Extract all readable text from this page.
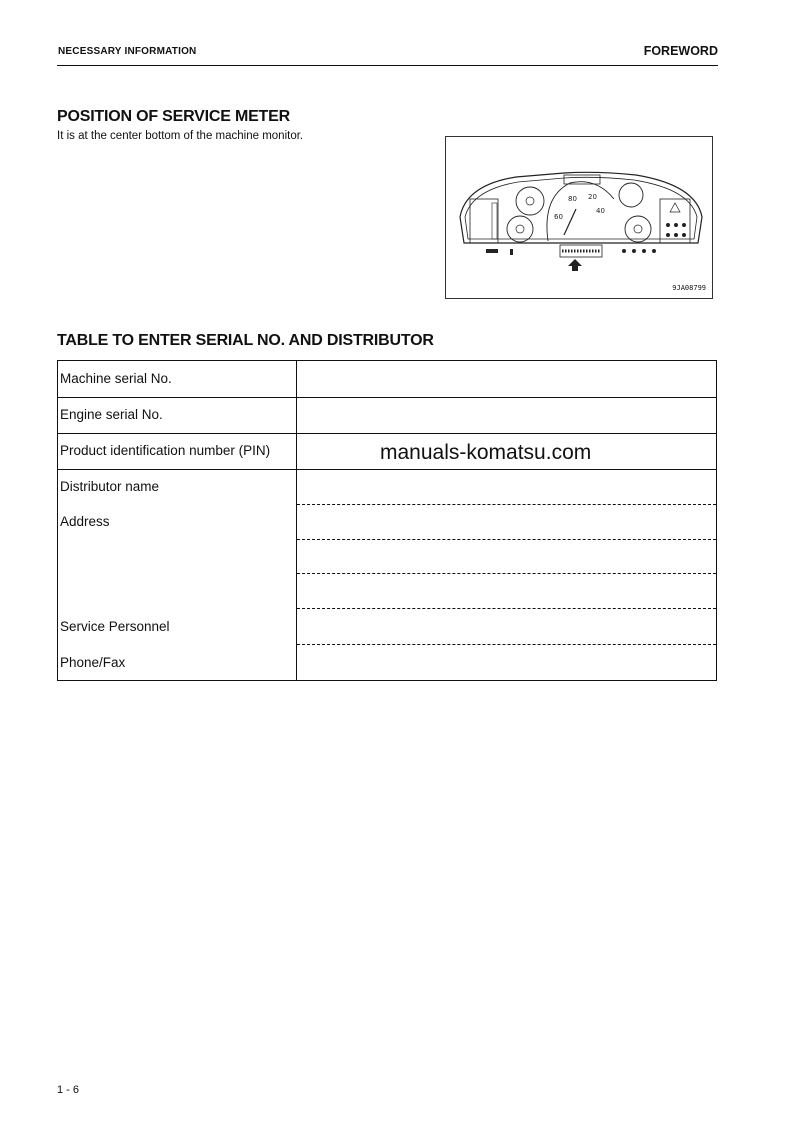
NECESSARY INFORMATION	FOREWORD
POSITION OF SERVICE METER
It is at the center bottom of the machine monitor.
60
80
40
20
9JA08799
TABLE TO ENTER SERIAL NO. AND DISTRIBUTOR
Machine serial No.
Engine serial No.
Product identification number (PIN)
Distributor name
Address
Service Personnel
Phone/Fax
manuals-komatsu.com
1 - 6
